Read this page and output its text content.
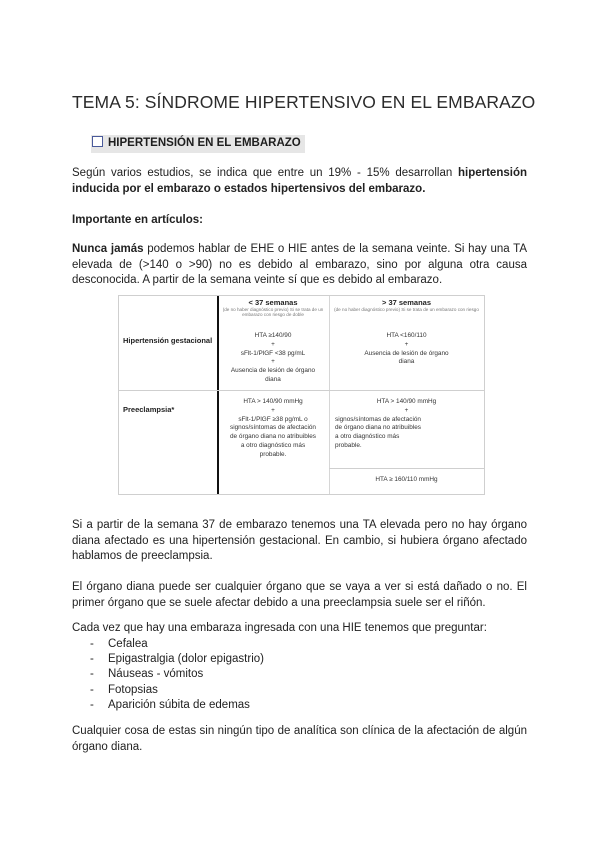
TEMA 5: SÍNDROME HIPERTENSIVO EN EL EMBARAZO
HIPERTENSIÓN EN EL EMBARAZO
Según varios estudios, se indica que entre un 19% - 15% desarrollan hipertensión
inducida por el embarazo o estados hipertensivos del embarazo.
Importante en artículos:
Nunca jamás podemos hablar de EHE o HIE antes de la semana veinte. Si hay una TA
elevada de (>140 o >90) no es debido al embarazo, sino por alguna otra causa
desconocida. A partir de la semana veinte sí que es debido al embarazo.
< 37 semanas
(de no haber diagnóstico previo) Si se trata de un embarazo con riesgo de doble
> 37 semanas
(de no haber diagnóstico previo) Si se trata de un embarazo con riesgo
Hipertensión gestacional
Preeclampsia*
HTA ≥140/90
+
sFlt-1/PlGF <38 pg/mL
+
Ausencia de lesión de órgano
diana
HTA <160/110
+
Ausencia de lesión de órgano
diana
HTA > 140/90 mmHg
+
sFlt-1/PlGF ≥38 pg/mL o
signos/síntomas de afectación
de órgano diana no atribuibles
a otro diagnóstico más
probable.
HTA > 140/90 mmHg
+
signos/síntomas de afectación
de órgano diana no atribuibles
a otro diagnóstico más
probable.
HTA ≥ 160/110 mmHg
Si a partir de la semana 37 de embarazo tenemos una TA elevada pero no hay órgano
diana afectado es una hipertensión gestacional. En cambio, si hubiera órgano afectado
hablamos de preeclampsia.
El órgano diana puede ser cualquier órgano que se vaya a ver si está dañado o no. El
primer órgano que se suele afectar debido a una preeclampsia suele ser el riñón.
Cada vez que hay una embaraza ingresada con una HIE tenemos que preguntar:
- Cefalea
- Epigastralgia (dolor epigastrio)
- Náuseas - vómitos
- Fotopsias
- Aparición súbita de edemas
Cualquier cosa de estas sin ningún tipo de analítica son clínica de la afectación de algún
órgano diana.
